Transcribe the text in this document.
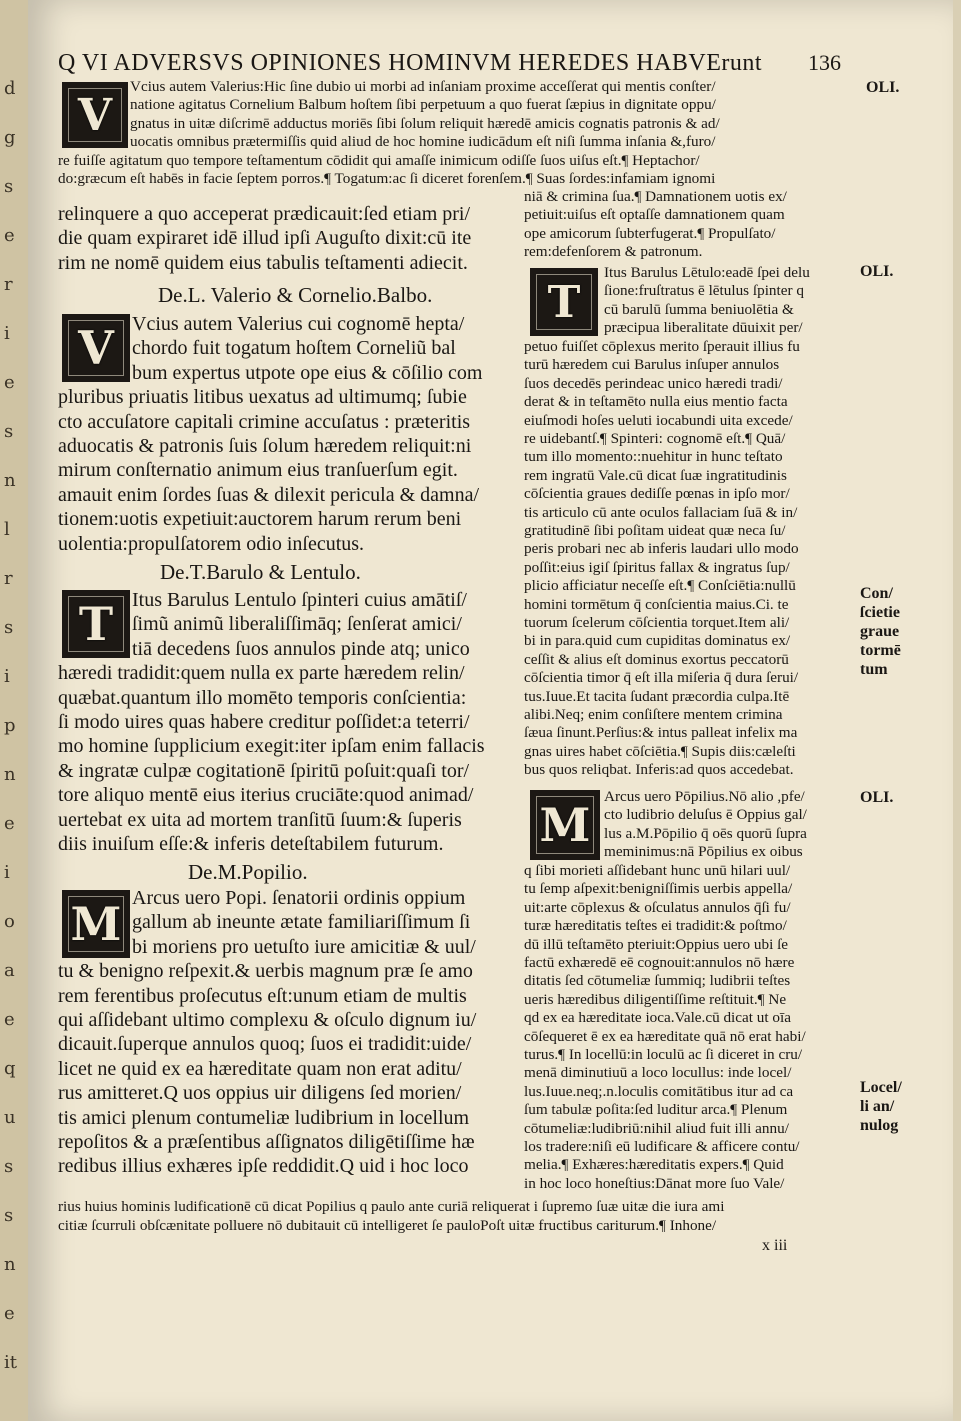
d
g
s
e
r
i
e
s
n
l
r
s
i
p
n
e
i
o
a
e
q
u
s
s
n
e
it
Q VI ADVERSVS OPINIONES HOMINVM HEREDES HABVErunt	136
V
Vcius autem Valerius:Hic ſine dubio ui morbi ad inſaniam proxime acceſſerat qui mentis conſter/
natione agitatus Cornelium Balbum hoſtem ſibi perpetuum a quo fuerat ſæpius in dignitate oppu/
gnatus in uitæ diſcrimē adductus moriēs ſibi ſolum reliquit hæredē amicis cognatis patronis & ad/
uocatis omnibus prætermiſſis quid aliud de hoc homine iudicādum eſt niſi ſumma inſania &,furo/
re fuiſſe agitatum quo tempore teſtamentum cōdidit qui amaſſe inimicum odiſſe ſuos uiſus eſt.¶ Heptachor/
do:græcum eſt habēs in facie ſeptem porros.¶ Togatum:ac ſi diceret forenſem.¶ Suas ſordes:infamiam ignomi
relinquere a quo acceperat prædicauit:ſed etiam pri/
die quam expiraret idē illud ipſi Auguſto dixit:cū ite
rim ne nomē quidem eius tabulis teſtamenti adiecit.
De.L. Valerio & Cornelio.Balbo.
V Vcius autem Valerius cui cognomē hepta/
chordo fuit togatum hoſtem Corneliũ bal
bum expertus utpote ope eius & cōſilio com
pluribus priuatis litibus uexatus ad ultimumq; ſubie
cto accuſatore capitali crimine accuſatus : præteritis
aduocatis & patronis ſuis ſolum hæredem reliquit:ni
mirum conſternatio animum eius tranſuerſum egit.
amauit enim ſordes ſuas & dilexit pericula & damna/
tionem:uotis expetiuit:auctorem harum rerum beni
uolentia:propulſatorem odio inſecutus.
De.T.Barulo & Lentulo.
T Itus Barulus Lentulo ſpinteri cuius amātiſ/
ſimũ animũ liberaliſſimāq; ſenſerat amici/
tiā decedens ſuos annulos pinde atq; unico
hæredi tradidit:quem nulla ex parte hæredem relin/
quæbat.quantum illo momēto temporis conſcientia:
ſi modo uires quas habere creditur poſſidet:a teterri/
mo homine ſupplicium exegit:iter ipſam enim fallacis
& ingratæ culpæ cogitationē ſpiritū poſuit:quaſi tor/
tore aliquo mentē eius iterius cruciāte:quod animad/
uertebat ex uita ad mortem tranſitū ſuum:& ſuperis
diis inuiſum eſſe:& inferis deteſtabilem futurum.
De.M.Popilio.
M Arcus uero Popi. ſenatorii ordinis oppium
gallum ab ineunte ætate familiariſſimum ſi
bi moriens pro uetuſto iure amicitiæ & uul/
tu & benigno reſpexit.& uerbis magnum præ ſe amo
rem ferentibus proſecutus eſt:unum etiam de multis
qui aſſidebant ultimo complexu & oſculo dignum iu/
dicauit.ſuperque annulos quoq; ſuos ei tradidit:uide/
licet ne quid ex ea hæreditate quam non erat aditu/
rus amitteret.Q uos oppius uir diligens ſed morien/
tis amici plenum contumeliæ ludibrium in locellum
repoſitos & a præſentibus aſſignatos diligētiſſime hæ
redibus illius exhæres ipſe reddidit.Q uid i hoc loco
niā & crimina ſua.¶ Damnationem uotis ex/
petiuit:uiſus eſt optaſſe damnationem quam
ope amicorum ſubterfugerat.¶ Propulſato/
rem:defenſorem & patronum.
T
Itus Barulus Lētulo:eadē ſpei delu
ſione:fruſtratus ē lētulus ſpinter q
cū barulū ſumma beniuolētia &
præcipua liberalitate dūuixit per/
petuo fuiſſet cōplexus merito ſperauit illius fu
turū hæredem cui Barulus inſuper annulos
ſuos decedēs perindeac unico hæredi tradi/
derat & in teſtamēto nulla eius mentio facta
eiuſmodi hoſes ueluti iocabundi uita excede/
re uidebantſ.¶ Spinteri: cognomē eſt.¶ Quā/
tum illo momento::nuehitur in hunc teſtato
rem ingratū Vale.cū dicat ſuæ ingratitudinis
cōſcientia graues dediſſe pœnas in ipſo mor/
tis articulo cū ante oculos fallaciam ſuā & in/
gratitudinē ſibi poſitam uideat quæ neca ſu/
peris probari nec ab inferis laudari ullo modo
poſſit:eius igiſ ſpiritus fallax & ingratus ſup/
plicio afficiatur neceſſe eſt.¶ Conſciētia:nullū
homini tormētum q̄ conſcientia maius.Ci. te
tuorum ſcelerum cōſcientia torquet.Item ali/
bi in para.quid cum cupiditas dominatus ex/
ceſſit & alius eſt dominus exortus peccatorū
cōſcientia timor q̄ eſt illa miſeria q̄ dura ſerui/
tus.Iuue.Et tacita ſudant præcordia culpa.Itē
alibi.Neq; enim conſiſtere mentem crimina
ſæua ſinunt.Perſius:& intus palleat infelix ma
gnas uires habet cōſciētia.¶ Supis diis:cæleſti
bus quos reliqbat. Inferis:ad quos accedebat.
M
Arcus uero Pōpilius.Nō alio ,pfe/
cto ludibrio deluſus ē Oppius gal/
lus a.M.Pōpilio q̄ oēs quorū ſupra
meminimus:nā Pōpilius ex oibus
q ſibi morieti aſſidebant hunc unū hilari uul/
tu ſemp aſpexit:benigniſſimis uerbis appella/
uit:arte cōplexus & oſculatus annulos q̄ſi fu/
turæ hæreditatis teſtes ei tradidit:& poſtmo/
dū illū teſtamēto pteriuit:Oppius uero ubi ſe
factū exhæredē eē cognouit:annulos nō hære
ditatis ſed cōtumeliæ ſummiq; ludibrii teſtes
ueris hæredibus diligentiſſime reſtituit.¶ Ne
qd ex ea hæreditate ioca.Vale.cū dicat ut oīa
cōſequeret ē ex ea hæreditate quā nō erat habi/
turus.¶ In locellū:in loculū ac ſi diceret in cru/
menā diminutiuū a loco locullus: inde locel/
lus.Iuue.neq;.n.loculis comitātibus itur ad ca
ſum tabulæ poſita:ſed luditur arca.¶ Plenum
cōtumeliæ:ludibriū:nihil aliud fuit illi annu/
los tradere:niſi eū ludificare & afficere contu/
melia.¶ Exhæres:hæreditatis expers.¶ Quid
in hoc loco honeſtius:Dānat more ſuo Vale/
rius huius hominis ludificationē cū dicat Popilius q paulo ante curiā reliquerat i ſupremo ſuæ uitæ die iura ami
citiæ ſcurruli obſcænitate polluere nō dubitauit cū intelligeret ſe pauloPoſt uitæ fructibus cariturum.¶ Inhone/
x iii
OLI.
OLI.
Con/
ſcietie
graue
tormē
tum
OLI.
Locel/
li an/
nulog
